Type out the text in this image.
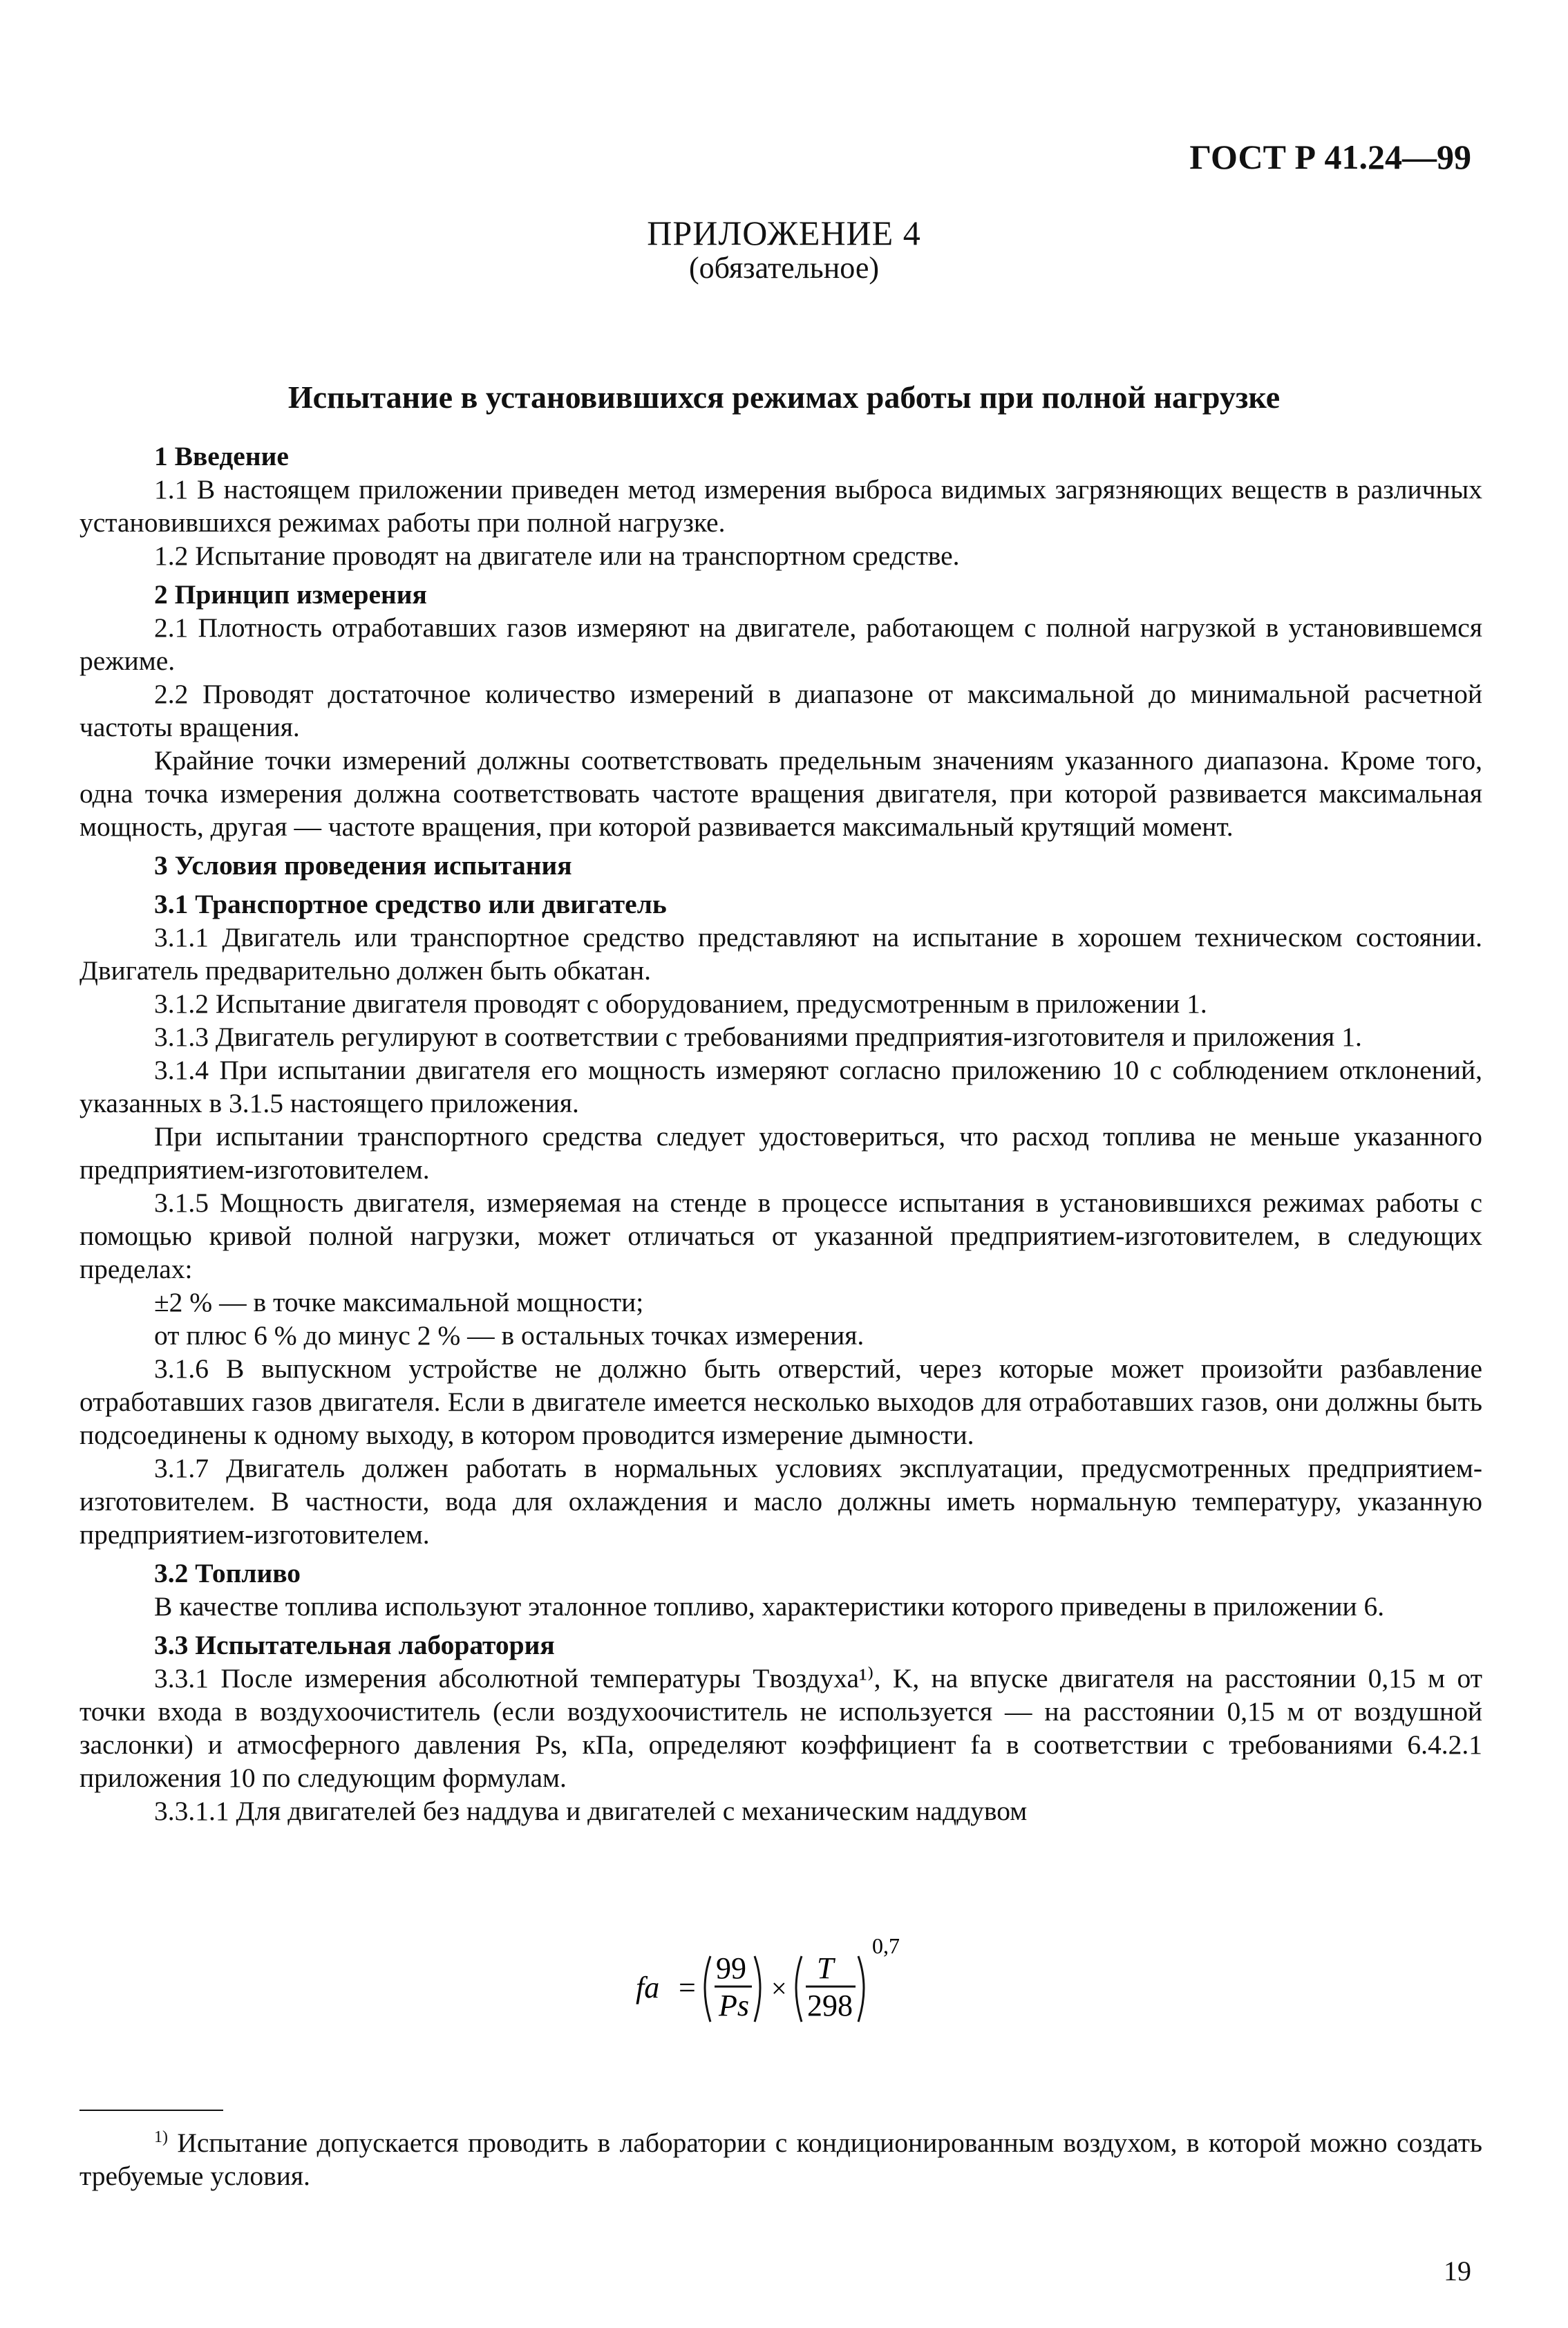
ГОСТ Р 41.24—99
ПРИЛОЖЕНИЕ 4
(обязательное)
Испытание в установившихся режимах работы при полной нагрузке

1 Введение

1.1 В настоящем приложении приведен метод измерения выброса видимых загрязняющих веществ в различных установившихся режимах работы при полной нагрузке.

1.2 Испытание проводят на двигателе или на транспортном средстве.

2 Принцип измерения

2.1 Плотность отработавших газов измеряют на двигателе, работающем с полной нагрузкой в установившемся режиме.

2.2 Проводят достаточное количество измерений в диапазоне от максимальной до минимальной расчетной частоты вращения.

Крайние точки измерений должны соответствовать предельным значениям указанного диапазона. Кроме того, одна точка измерения должна соответствовать частоте вращения двигателя, при которой развивается максимальная мощность, другая — частоте вращения, при которой развивается максимальный крутящий момент.

3 Условия проведения испытания

3.1 Транспортное средство или двигатель

3.1.1 Двигатель или транспортное средство представляют на испытание в хорошем техническом состоянии. Двигатель предварительно должен быть обкатан.

3.1.2 Испытание двигателя проводят с оборудованием, предусмотренным в приложении 1.

3.1.3 Двигатель регулируют в соответствии с требованиями предприятия-изготовителя и приложения 1.

3.1.4 При испытании двигателя его мощность измеряют согласно приложению 10 с соблюдением отклонений, указанных в 3.1.5 настоящего приложения.

При испытании транспортного средства следует удостовериться, что расход топлива не меньше указанного предприятием-изготовителем.

3.1.5 Мощность двигателя, измеряемая на стенде в процессе испытания в установившихся режимах работы с помощью кривой полной нагрузки, может отличаться от указанной предприятием-изготовителем, в следующих пределах:

±2 % — в точке максимальной мощности;

от плюс 6 % до минус 2 % — в остальных точках измерения.

3.1.6 В выпускном устройстве не должно быть отверстий, через которые может произойти разбавление отработавших газов двигателя. Если в двигателе имеется несколько выходов для отработавших газов, они должны быть подсоединены к одному выходу, в котором проводится измерение дымности.

3.1.7 Двигатель должен работать в нормальных условиях эксплуатации, предусмотренных предприятием-изготовителем. В частности, вода для охлаждения и масло должны иметь нормальную температуру, указанную предприятием-изготовителем.

3.2 Топливо

В качестве топлива используют эталонное топливо, характеристики которого приведены в приложении 6.

3.3 Испытательная лаборатория

3.3.1 После измерения абсолютной температуры Tвоздуха¹⁾, K, на впуске двигателя на расстоянии 0,15 м от точки входа в воздухоочиститель (если воздухоочиститель не используется — на расстоянии 0,15 м от воздушной заслонки) и атмосферного давления Ps, кПа, определяют коэффициент fa в соответствии с требованиями 6.4.2.1 приложения 10 по следующим формулам.

3.3.1.1 Для двигателей без наддува и двигателей с механическим наддувом

fa =
99
Ps
×
T
298
0,7
$^{1)}$ Испытание допускается проводить в лаборатории с кондиционированным воздухом, в которой можно создать требуемые условия.
19
